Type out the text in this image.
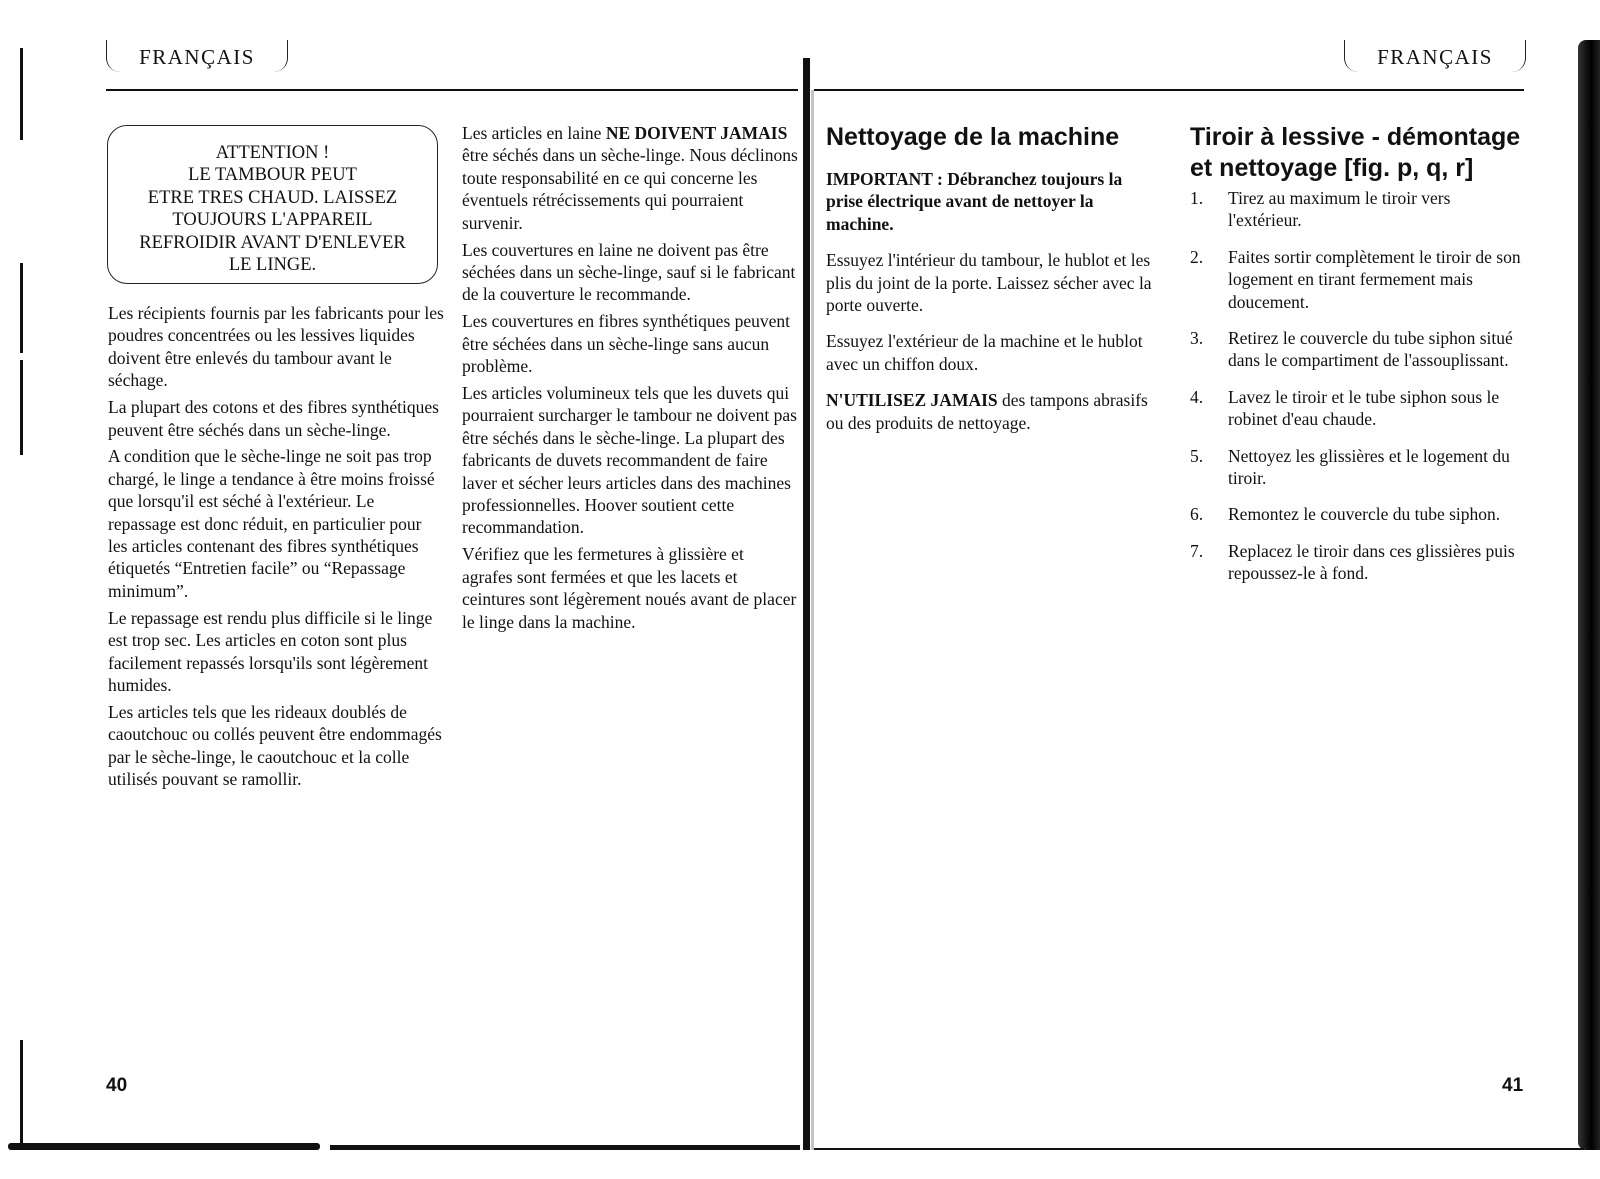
FRANÇAIS	FRANÇAIS
ATTENTION !
LE TAMBOUR PEUT
ETRE TRES CHAUD. LAISSEZ
TOUJOURS L'APPAREIL
REFROIDIR AVANT D'ENLEVER
LE LINGE.

Les récipients fournis par les fabricants pour les poudres concentrées ou les lessives liquides doivent être enlevés du tambour avant le séchage.

La plupart des cotons et des fibres synthétiques peuvent être séchés dans un sèche-linge.

A condition que le sèche-linge ne soit pas trop chargé, le linge a tendance à être moins froissé que lorsqu'il est séché à l'extérieur. Le repassage est donc réduit, en particulier pour les articles contenant des fibres synthétiques étiquetés “Entretien facile” ou “Repassage minimum”.

Le repassage est rendu plus difficile si le linge est trop sec. Les articles en coton sont plus facilement repassés lorsqu'ils sont légèrement humides.

Les articles tels que les rideaux doublés de caoutchouc ou collés peuvent être endommagés par le sèche-linge, le caoutchouc et la colle utilisés pouvant se ramollir.

Les articles en laine NE DOIVENT JAMAIS être séchés dans un sèche-linge. Nous déclinons toute responsabilité en ce qui concerne les éventuels rétrécissements qui pourraient survenir.

Les couvertures en laine ne doivent pas être séchées dans un sèche-linge, sauf si le fabricant de la couverture le recommande.

Les couvertures en fibres synthétiques peuvent être séchées dans un sèche-linge sans aucun problème.

Les articles volumineux tels que les duvets qui pourraient surcharger le tambour ne doivent pas être séchés dans le sèche-linge. La plupart des fabricants de duvets recommandent de faire laver et sécher leurs articles dans des machines professionnelles. Hoover soutient cette recommandation.

Vérifiez que les fermetures à glissière et agrafes sont fermées et que les lacets et ceintures sont légèrement noués avant de placer le linge dans la machine.

40
Nettoyage de la machine

IMPORTANT : Débranchez toujours la prise électrique avant de nettoyer la machine.

Essuyez l'intérieur du tambour, le hublot et les plis du joint de la porte. Laissez sécher avec la porte ouverte.

Essuyez l'extérieur de la machine et le hublot avec un chiffon doux.

N'UTILISEZ JAMAIS des tampons abrasifs ou des produits de nettoyage.

Tiroir à lessive - démontage
et nettoyage [fig. p, q, r]
1.	Tirez au maximum le tiroir vers l'extérieur.
2.	Faites sortir complètement le tiroir de son logement en tirant fermement mais doucement.
3.	Retirez le couvercle du tube siphon situé dans le compartiment de l'assouplissant.
4.	Lavez le tiroir et le tube siphon sous le robinet d'eau chaude.
5.	Nettoyez les glissières et le logement du tiroir.
6.	Remontez le couvercle du tube siphon.
7.	Replacez le tiroir dans ces glissières puis repoussez-le à fond.
41
